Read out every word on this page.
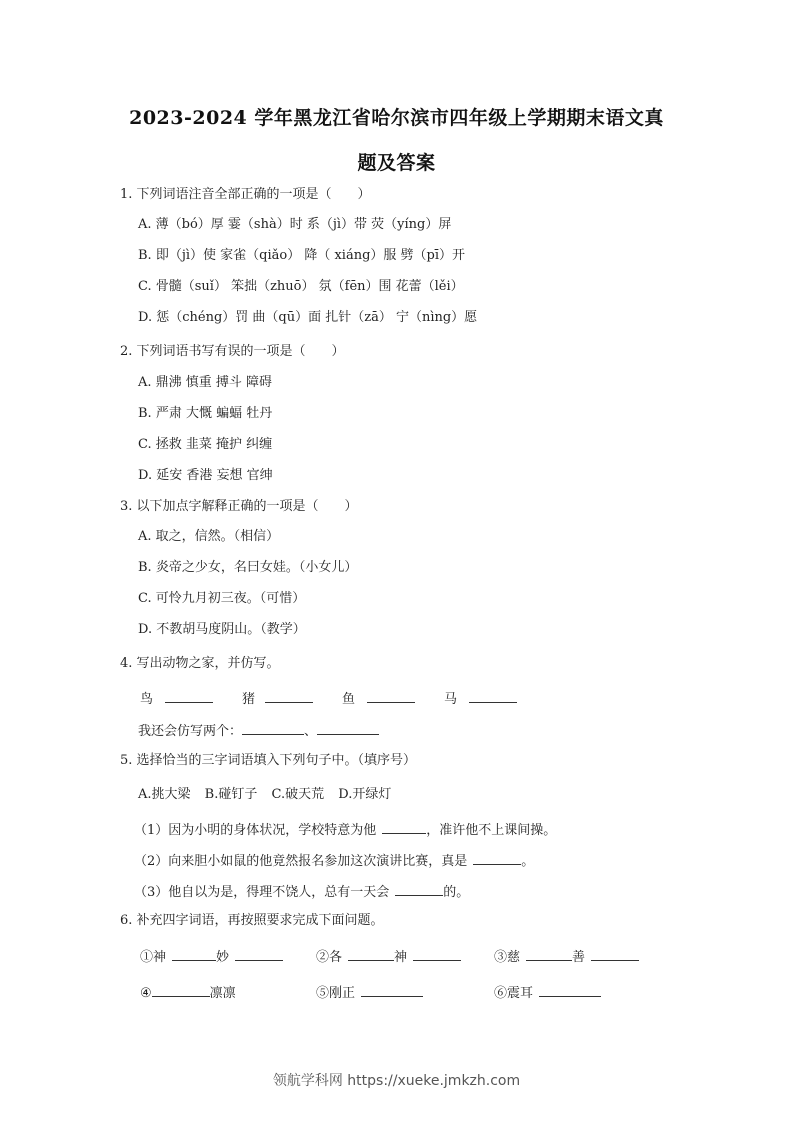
2023-2024 学年黑龙江省哈尔滨市四年级上学期期末语文真
题及答案
1. 下列词语注音全部正确的一项是（　　）
A. 薄（bó）厚 霎（shà）时 系（jì）带 荧（yíng）屏
B. 即（jì）使 家雀（qiǎo） 降（ xiáng）服 劈（pī）开
C. 骨髓（suǐ） 笨拙（zhuō） 氛（fēn）围 花蕾（lěi）
D. 惩（chéng）罚 曲（qū）面 扎针（zā） 宁（nìng）愿
2. 下列词语书写有误的一项是（　　）
A. 鼎沸 慎重 搏斗 障碍
B. 严肃 大慨 蝙蝠 牡丹
C. 拯救 韭菜 掩护 纠缠
D. 延安 香港 妄想 官绅
3. 以下加点字解释正确的一项是（　　）
A. 取之，信然。（相信）
B. 炎帝之少女，名曰女娃。（小女儿）
C. 可怜九月初三夜。（可惜）
D. 不教胡马度阴山。（教学）
4. 写出动物之家，并仿写。
鸟	猪	鱼	马
我还会仿写两个：	、
5. 选择恰当的三字词语填入下列句子中。（填序号）
A.挑大梁 B.碰钉子 C.破天荒 D.开绿灯
（1）因为小明的身体状况，学校特意为他	，准许他不上课间操。
（2）向来胆小如鼠的他竟然报名参加这次演讲比赛，真是	。
（3）他自以为是，得理不饶人，总有一天会	的。
6. 补充四字词语，再按照要求完成下面问题。
①神	妙	②各	神	③慈	善
④	凛凛	⑤刚正	⑥震耳
领航学科网 https://xueke.jmkzh.com
